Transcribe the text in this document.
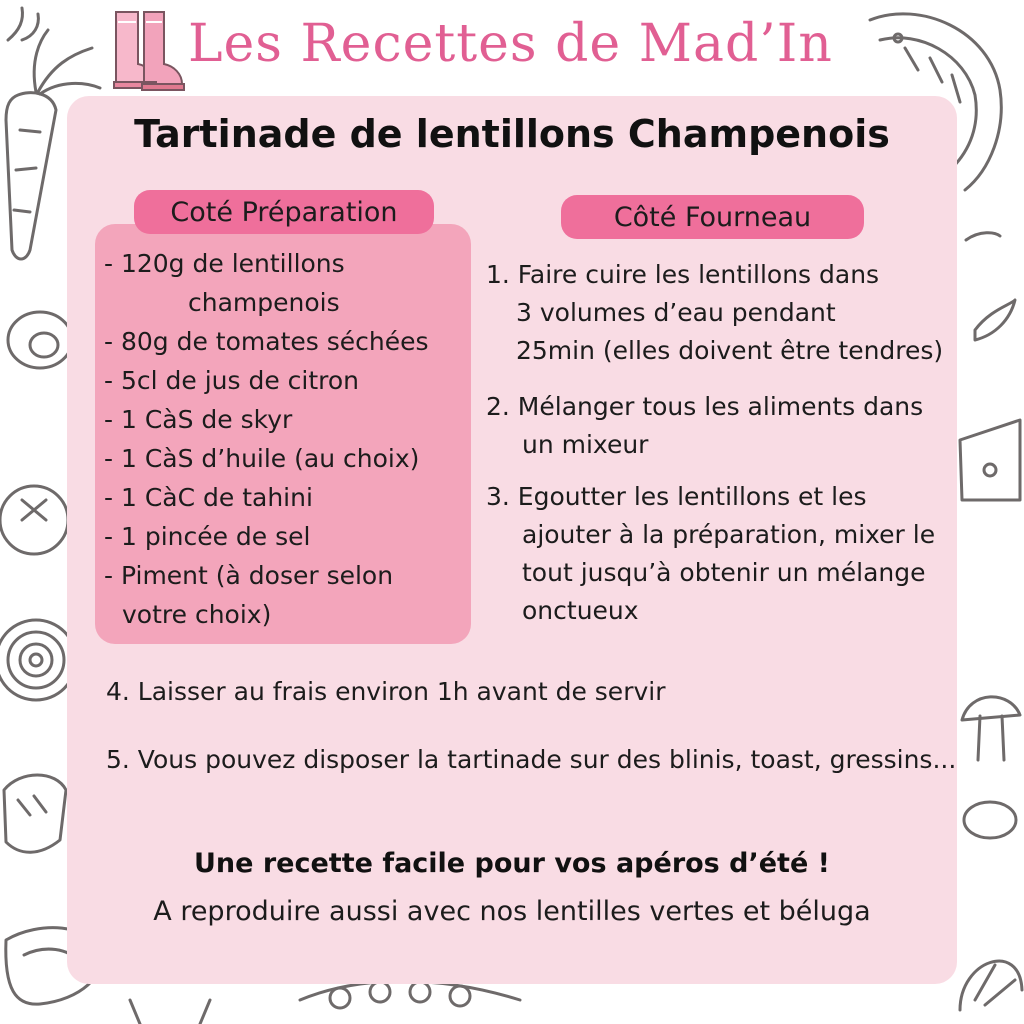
Les Recettes de Mad’In
Tartinade de lentillons Champenois
Coté Préparation	Côté Fourneau
- 120g de lentillons
champenois
- 80g de tomates séchées
- 5cl de jus de citron
- 1 CàS de skyr
- 1 CàS d’huile (au choix)
- 1 CàC de tahini
- 1 pincée de sel
- Piment (à doser selon
votre choix)
1. Faire cuire les lentillons dans
3 volumes d’eau pendant
25min (elles doivent être tendres)
2. Mélanger tous les aliments dans
un mixeur
3. Egoutter les lentillons et les
ajouter à la préparation, mixer le
tout jusqu’à obtenir un mélange
onctueux
4. Laisser au frais environ 1h avant de servir
5. Vous pouvez disposer la tartinade sur des blinis, toast, gressins...
Une recette facile pour vos apéros d’été !
A reproduire aussi avec nos lentilles vertes et béluga
